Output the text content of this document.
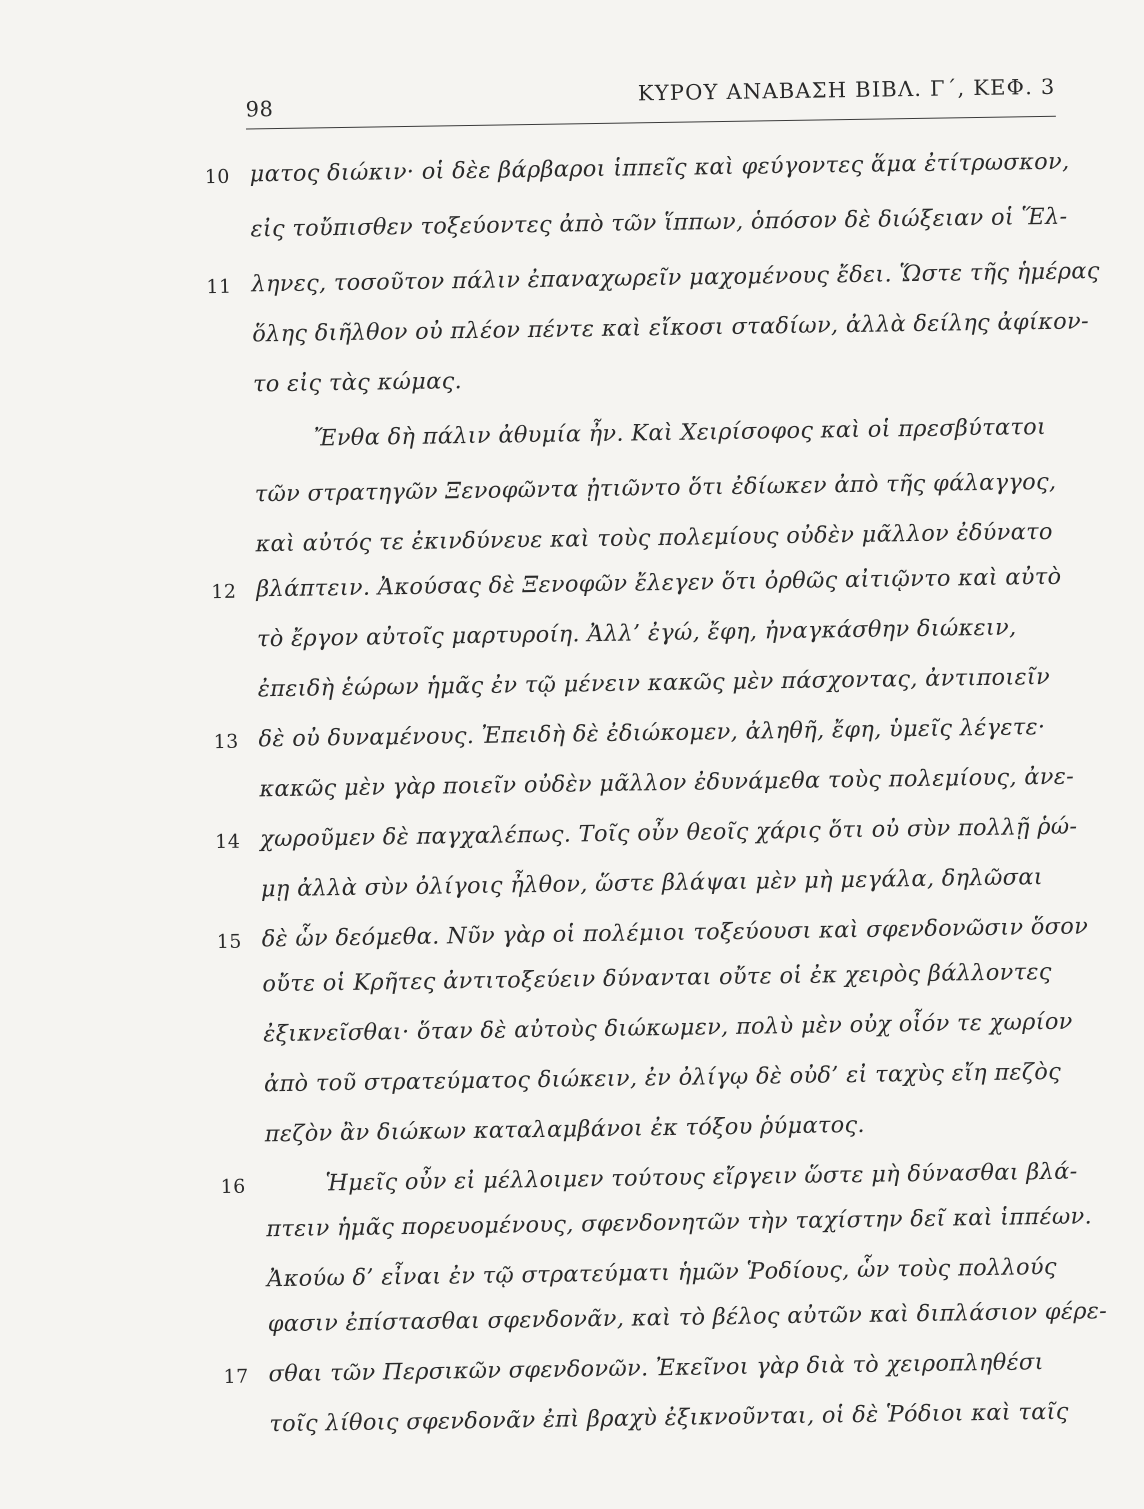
98
ΚΥΡΟΥ ΑΝΑΒΑΣΗ ΒΙΒΛ. Γ΄, ΚΕΦ. 3
10 ματος διώκιν· οἱ δὲε βάρβαροι ἱππεῖς καὶ φεύγοντες ἅμα ἐτίτρωσκον,
εἰς τοὔπισθεν τοξεύοντες ἀπὸ τῶν ἵππων, ὁπόσον δὲ διώξειαν οἱ Ἕλ-
11 ληνες, τοσοῦτον πάλιν ἐπαναχωρεῖν μαχομένους ἔδει. Ὥστε τῆς ἡμέρας
ὅλης διῆλθον οὐ πλέον πέντε καὶ εἴκοσι σταδίων, ἀλλὰ δείλης ἀφίκον-
το εἰς τὰς κώμας.
Ἔνθα δὴ πάλιν ἀθυμία ἦν. Καὶ Χειρίσοφος καὶ οἱ πρεσβύτατοι
τῶν στρατηγῶν Ξενοφῶντα ᾐτιῶντο ὅτι ἐδίωκεν ἀπὸ τῆς φάλαγγος,
καὶ αὐτός τε ἐκινδύνευε καὶ τοὺς πολεμίους οὐδὲν μᾶλλον ἐδύνατο
12 βλάπτειν. Ἀκούσας δὲ Ξενοφῶν ἔλεγεν ὅτι ὀρθῶς αἰτιῷντο καὶ αὐτὸ
τὸ ἔργον αὐτοῖς μαρτυροίη. Ἀλλ’ ἐγώ, ἔφη, ἠναγκάσθην διώκειν,
ἐπειδὴ ἑώρων ἡμᾶς ἐν τῷ μένειν κακῶς μὲν πάσχοντας, ἀντιποιεῖν
13 δὲ οὐ δυναμένους. Ἐπειδὴ δὲ ἐδιώκομεν, ἀληθῆ, ἔφη, ὑμεῖς λέγετε·
κακῶς μὲν γὰρ ποιεῖν οὐδὲν μᾶλλον ἐδυνάμεθα τοὺς πολεμίους, ἀνε-
14 χωροῦμεν δὲ παγχαλέπως. Τοῖς οὖν θεοῖς χάρις ὅτι οὐ σὺν πολλῇ ῥώ-
μῃ ἀλλὰ σὺν ὀλίγοις ἦλθον, ὥστε βλάψαι μὲν μὴ μεγάλα, δηλῶσαι
15 δὲ ὧν δεόμεθα. Νῦν γὰρ οἱ πολέμιοι τοξεύουσι καὶ σφενδονῶσιν ὅσον
οὔτε οἱ Κρῆτες ἀντιτοξεύειν δύνανται οὔτε οἱ ἐκ χειρὸς βάλλοντες
ἐξικνεῖσθαι· ὅταν δὲ αὐτοὺς διώκωμεν, πολὺ μὲν οὐχ οἷόν τε χωρίον
ἀπὸ τοῦ στρατεύματος διώκειν, ἐν ὀλίγῳ δὲ οὐδ’ εἰ ταχὺς εἴη πεζὸς
πεζὸν ἂν διώκων καταλαμβάνοι ἐκ τόξου ῥύματος.
16	Ἡμεῖς οὖν εἰ μέλλοιμεν τούτους εἴργειν ὥστε μὴ δύνασθαι βλά-
πτειν ἡμᾶς πορευομένους, σφενδονητῶν τὴν ταχίστην δεῖ καὶ ἱππέων.
Ἀκούω δ’ εἶναι ἐν τῷ στρατεύματι ἡμῶν Ῥοδίους, ὧν τοὺς πολλούς
φασιν ἐπίστασθαι σφενδονᾶν, καὶ τὸ βέλος αὐτῶν καὶ διπλάσιον φέρε-
17 σθαι τῶν Περσικῶν σφενδονῶν. Ἐκεῖνοι γὰρ διὰ τὸ χειροπληθέσι
τοῖς λίθοις σφενδονᾶν ἐπὶ βραχὺ ἐξικνοῦνται, οἱ δὲ Ῥόδιοι καὶ ταῖς
